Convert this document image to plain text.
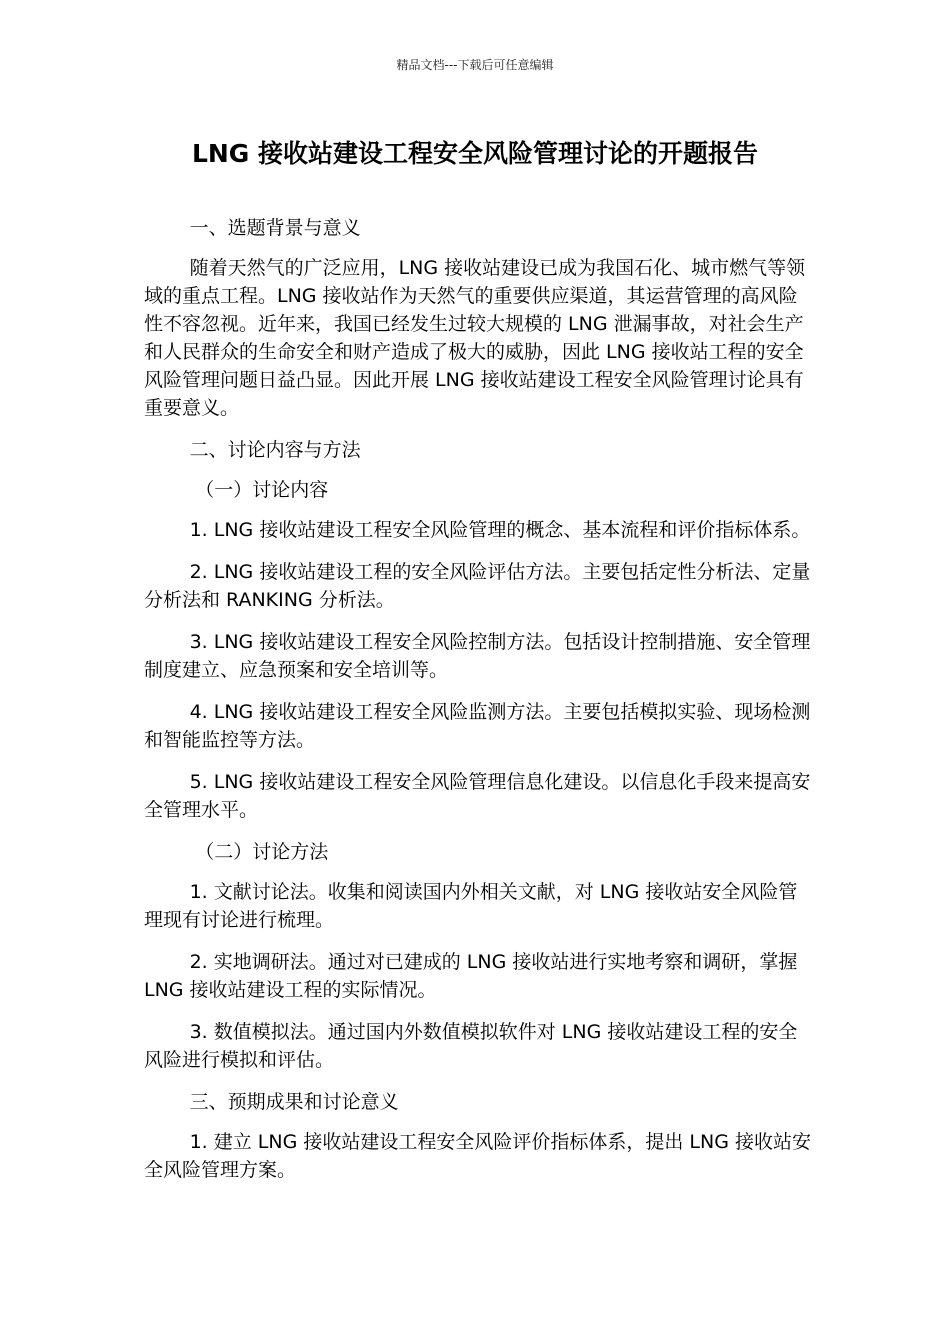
精品文档---下载后可任意编辑
LNG 接收站建设工程安全风险管理讨论的开题报告

一、选题背景与意义

随着天然气的广泛应用，LNG 接收站建设已成为我国石化、城市燃气等领域的重点工程。LNG 接收站作为天然气的重要供应渠道，其运营管理的高风险性不容忽视。近年来，我国已经发生过较大规模的 LNG 泄漏事故，对社会生产和人民群众的生命安全和财产造成了极大的威胁，因此 LNG 接收站工程的安全风险管理问题日益凸显。因此开展 LNG 接收站建设工程安全风险管理讨论具有重要意义。

二、讨论内容与方法

（一）讨论内容

1. LNG 接收站建设工程安全风险管理的概念、基本流程和评价指标体系。

2. LNG 接收站建设工程的安全风险评估方法。主要包括定性分析法、定量分析法和 RANKING 分析法。

3. LNG 接收站建设工程安全风险控制方法。包括设计控制措施、安全管理制度建立、应急预案和安全培训等。

4. LNG 接收站建设工程安全风险监测方法。主要包括模拟实验、现场检测和智能监控等方法。

5. LNG 接收站建设工程安全风险管理信息化建设。以信息化手段来提高安全管理水平。

（二）讨论方法

1. 文献讨论法。收集和阅读国内外相关文献，对 LNG 接收站安全风险管理现有讨论进行梳理。

2. 实地调研法。通过对已建成的 LNG 接收站进行实地考察和调研，掌握 LNG 接收站建设工程的实际情况。

3. 数值模拟法。通过国内外数值模拟软件对 LNG 接收站建设工程的安全风险进行模拟和评估。

三、预期成果和讨论意义

1. 建立 LNG 接收站建设工程安全风险评价指标体系，提出 LNG 接收站安全风险管理方案。
